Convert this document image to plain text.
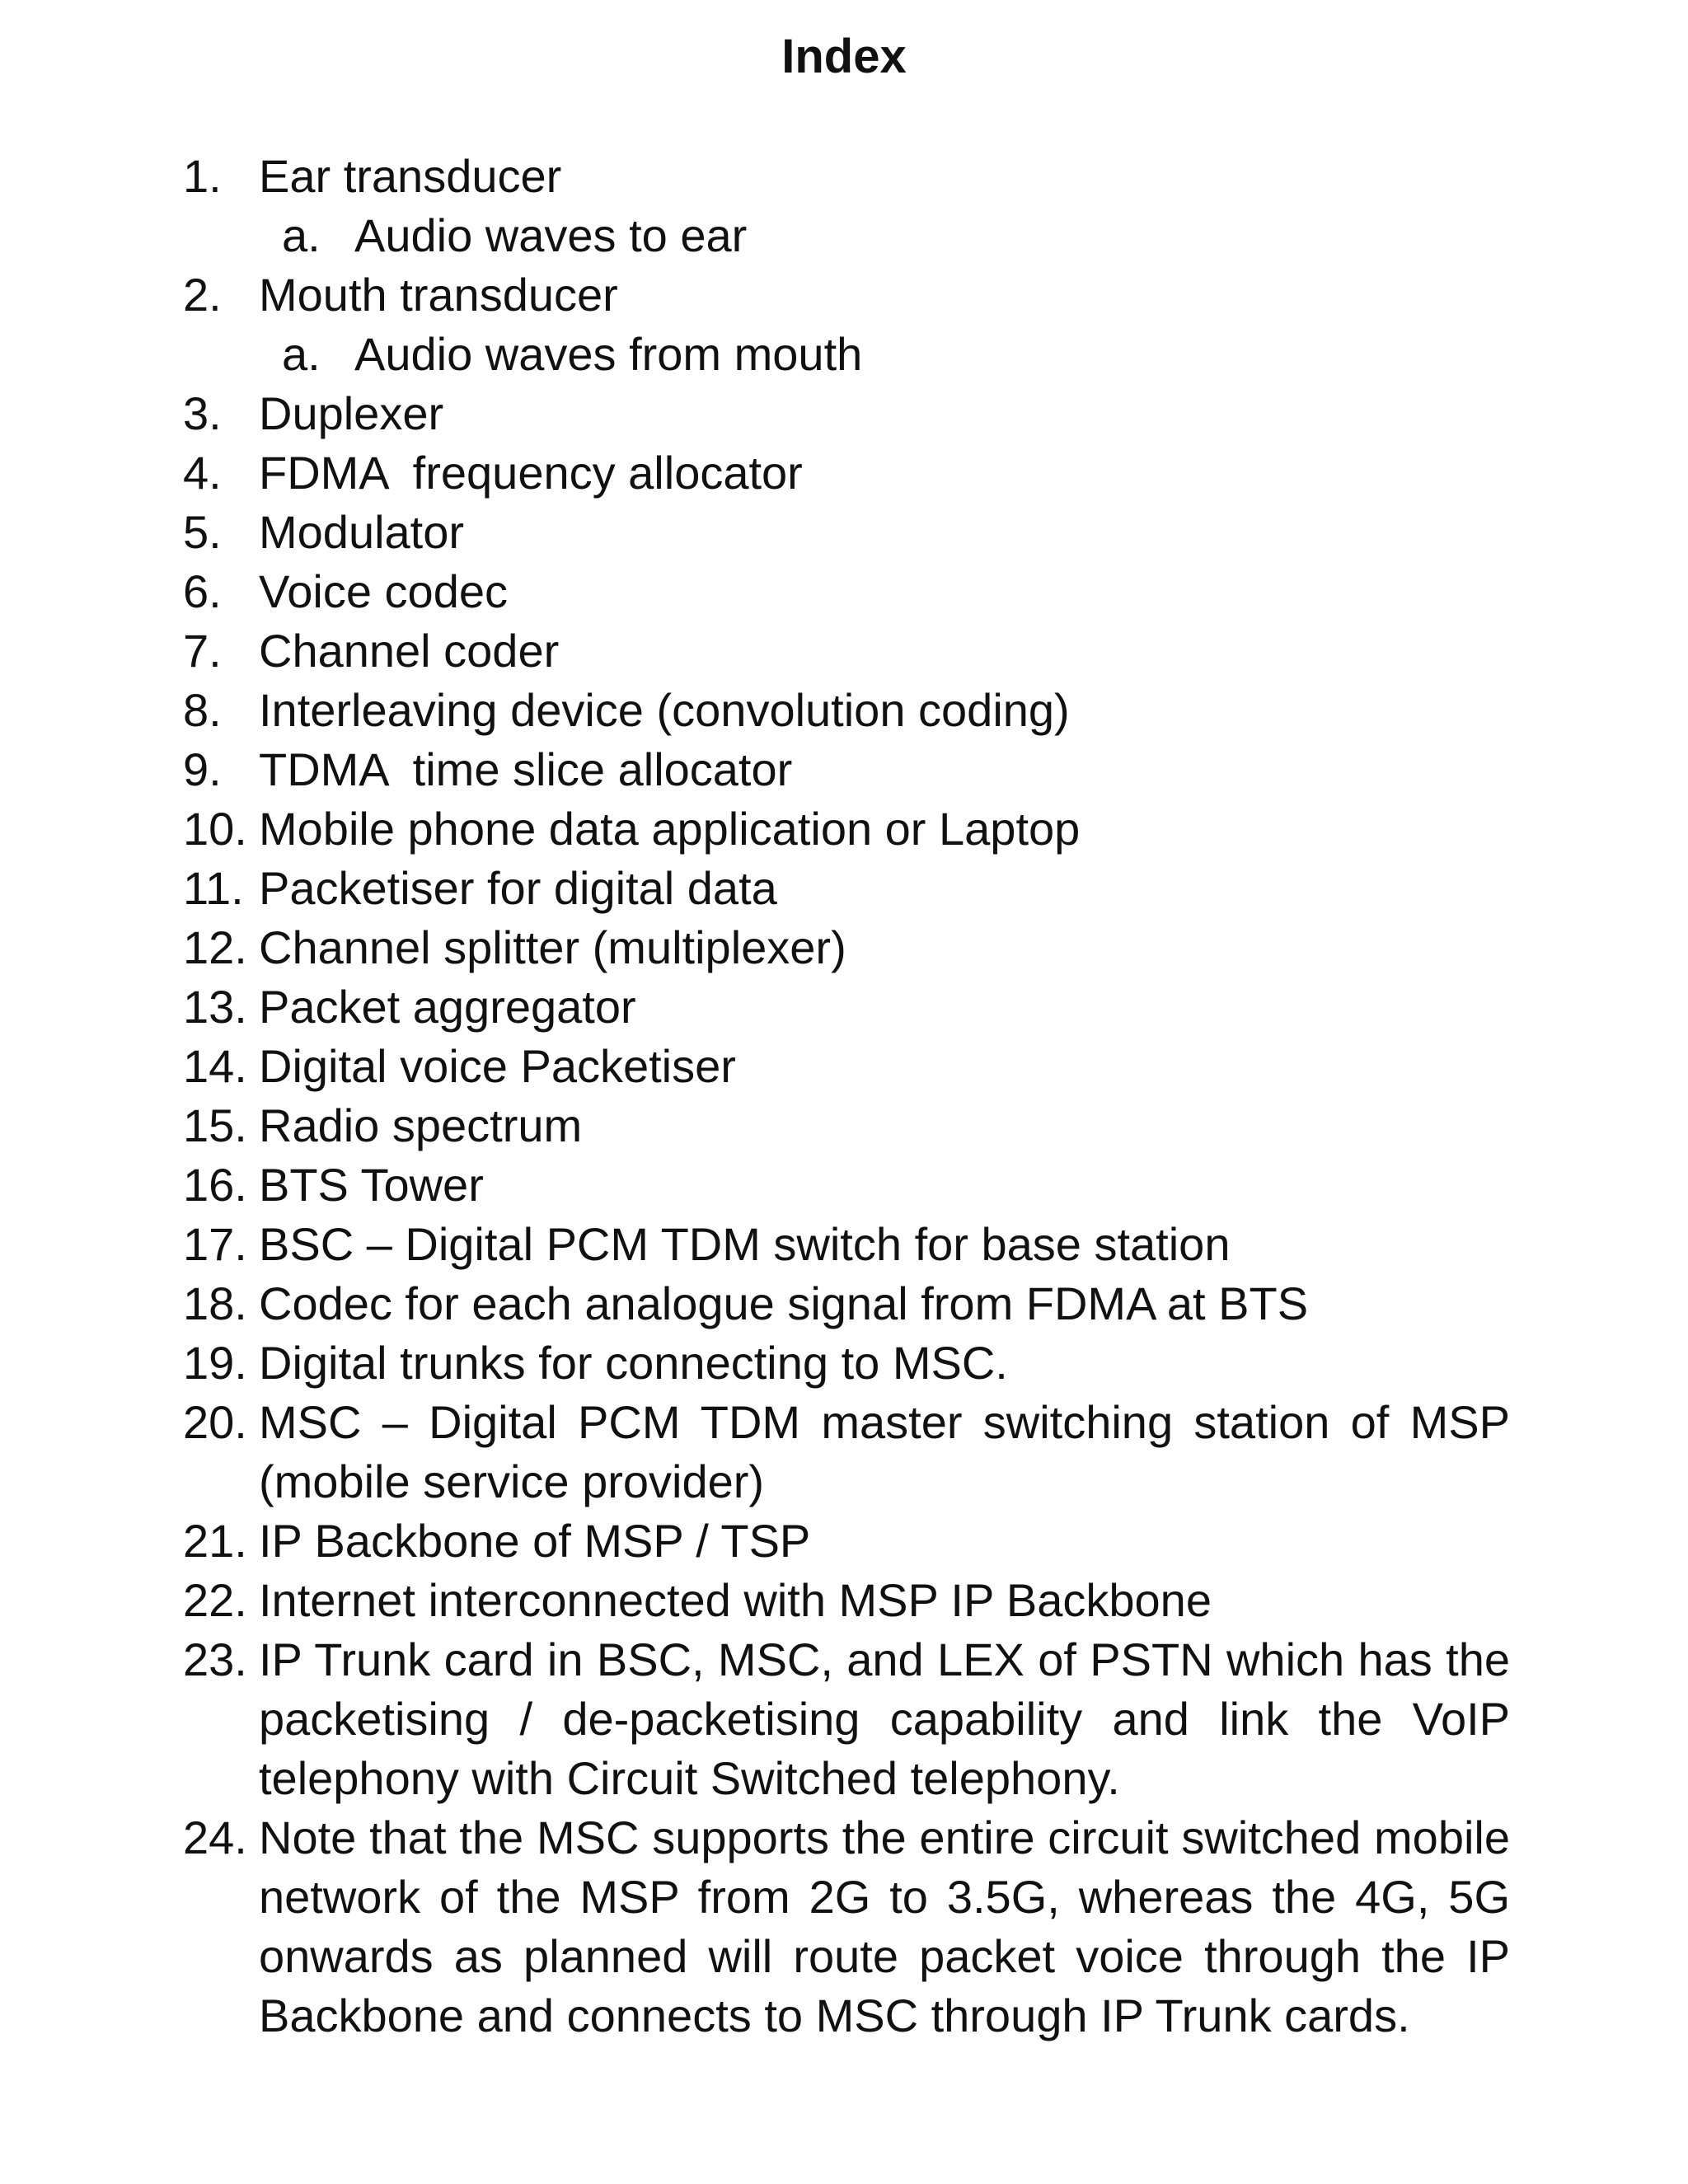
Index
1. Ear transducer
a. Audio waves to ear
2. Mouth transducer
a. Audio waves from mouth
3. Duplexer
4. FDMA  frequency allocator
5. Modulator
6. Voice codec
7. Channel coder
8. Interleaving device (convolution coding)
9. TDMA  time slice allocator
10. Mobile phone data application or Laptop
11. Packetiser for digital data
12. Channel splitter (multiplexer)
13. Packet aggregator
14. Digital voice Packetiser
15. Radio spectrum
16. BTS Tower
17. BSC – Digital PCM TDM switch for base station
18. Codec for each analogue signal from FDMA at BTS
19. Digital trunks for connecting to MSC.
20. MSC – Digital PCM TDM master switching station of MSP (mobile service provider)
21. IP Backbone of MSP / TSP
22. Internet interconnected with MSP IP Backbone
23. IP Trunk card in BSC, MSC, and LEX of PSTN which has the packetising / de-packetising capability and link the VoIP telephony with Circuit Switched telephony.
24. Note that the MSC supports the entire circuit switched mobile network of the MSP from 2G to 3.5G, whereas the 4G, 5G onwards as planned will route packet voice through the IP Backbone and connects to MSC through IP Trunk cards.
